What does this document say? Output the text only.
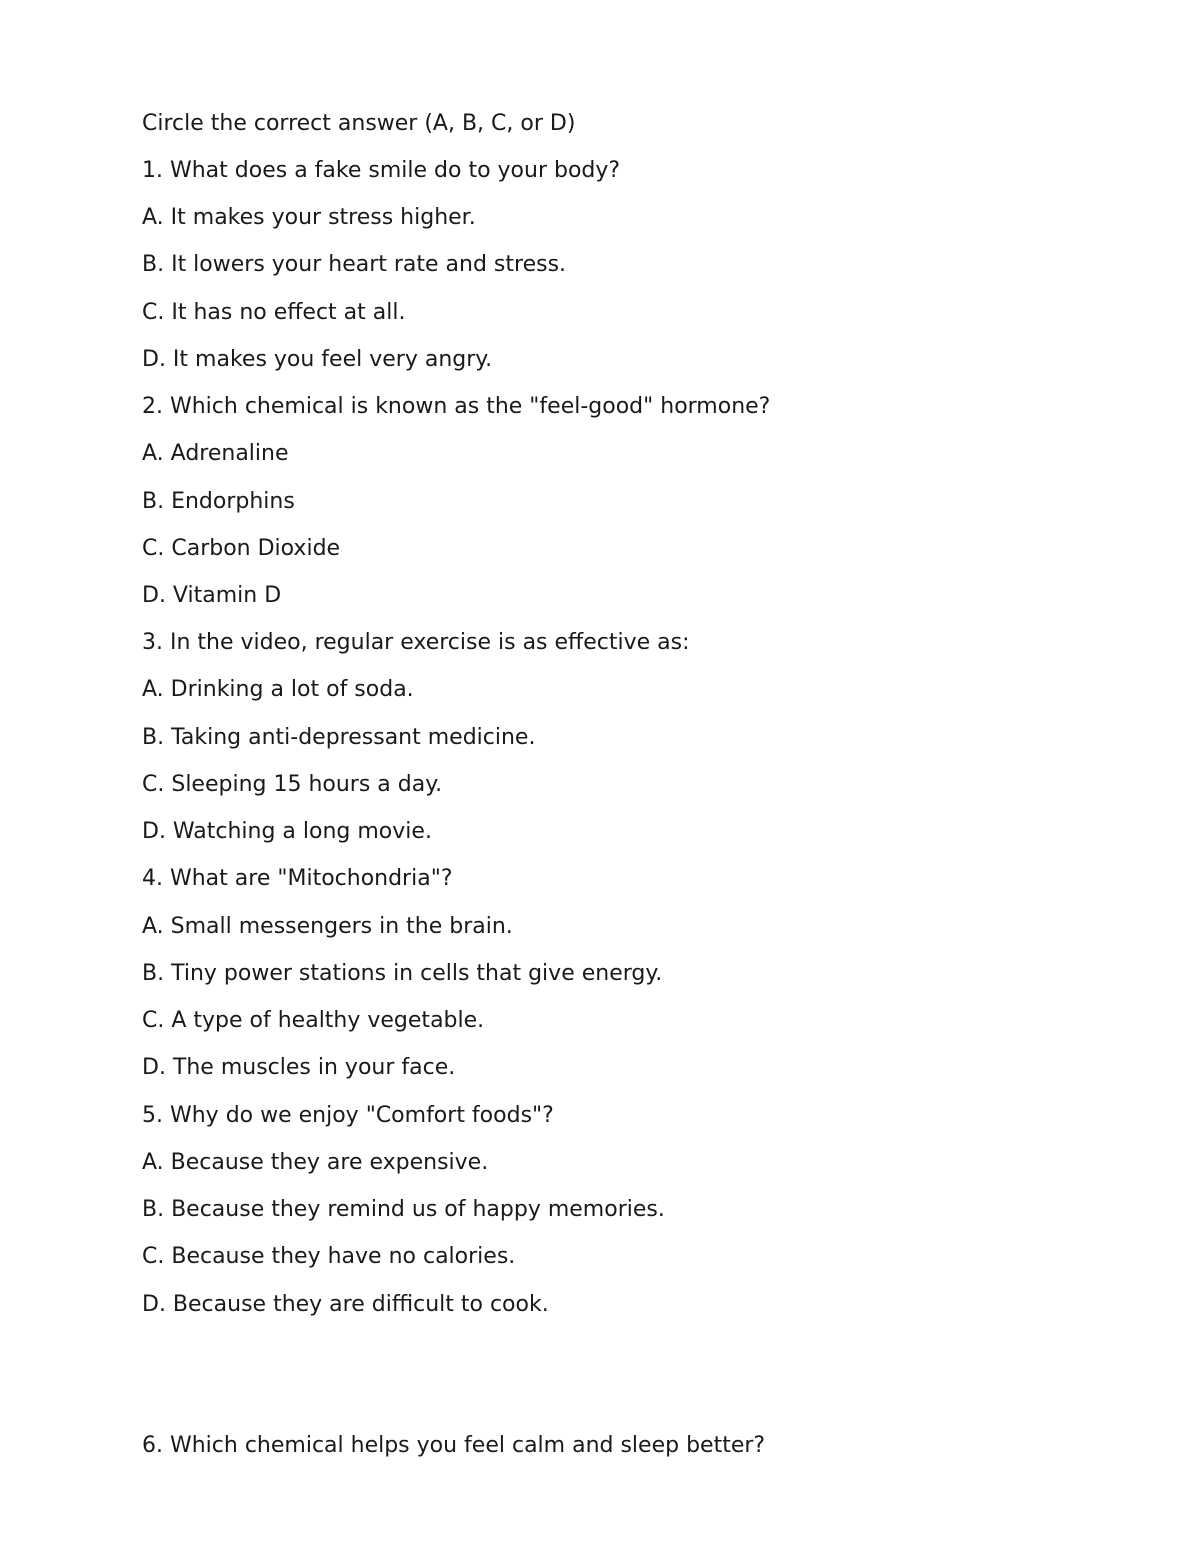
Circle the correct answer (A, B, C, or D)
1. What does a fake smile do to your body?
A. It makes your stress higher.
B. It lowers your heart rate and stress.
C. It has no effect at all.
D. It makes you feel very angry.
2. Which chemical is known as the "feel-good" hormone?
A. Adrenaline
B. Endorphins
C. Carbon Dioxide
D. Vitamin D
3. In the video, regular exercise is as effective as:
A. Drinking a lot of soda.
B. Taking anti-depressant medicine.
C. Sleeping 15 hours a day.
D. Watching a long movie.
4. What are "Mitochondria"?
A. Small messengers in the brain.
B. Tiny power stations in cells that give energy.
C. A type of healthy vegetable.
D. The muscles in your face.
5. Why do we enjoy "Comfort foods"?
A. Because they are expensive.
B. Because they remind us of happy memories.
C. Because they have no calories.
D. Because they are difficult to cook.
6. Which chemical helps you feel calm and sleep better?
